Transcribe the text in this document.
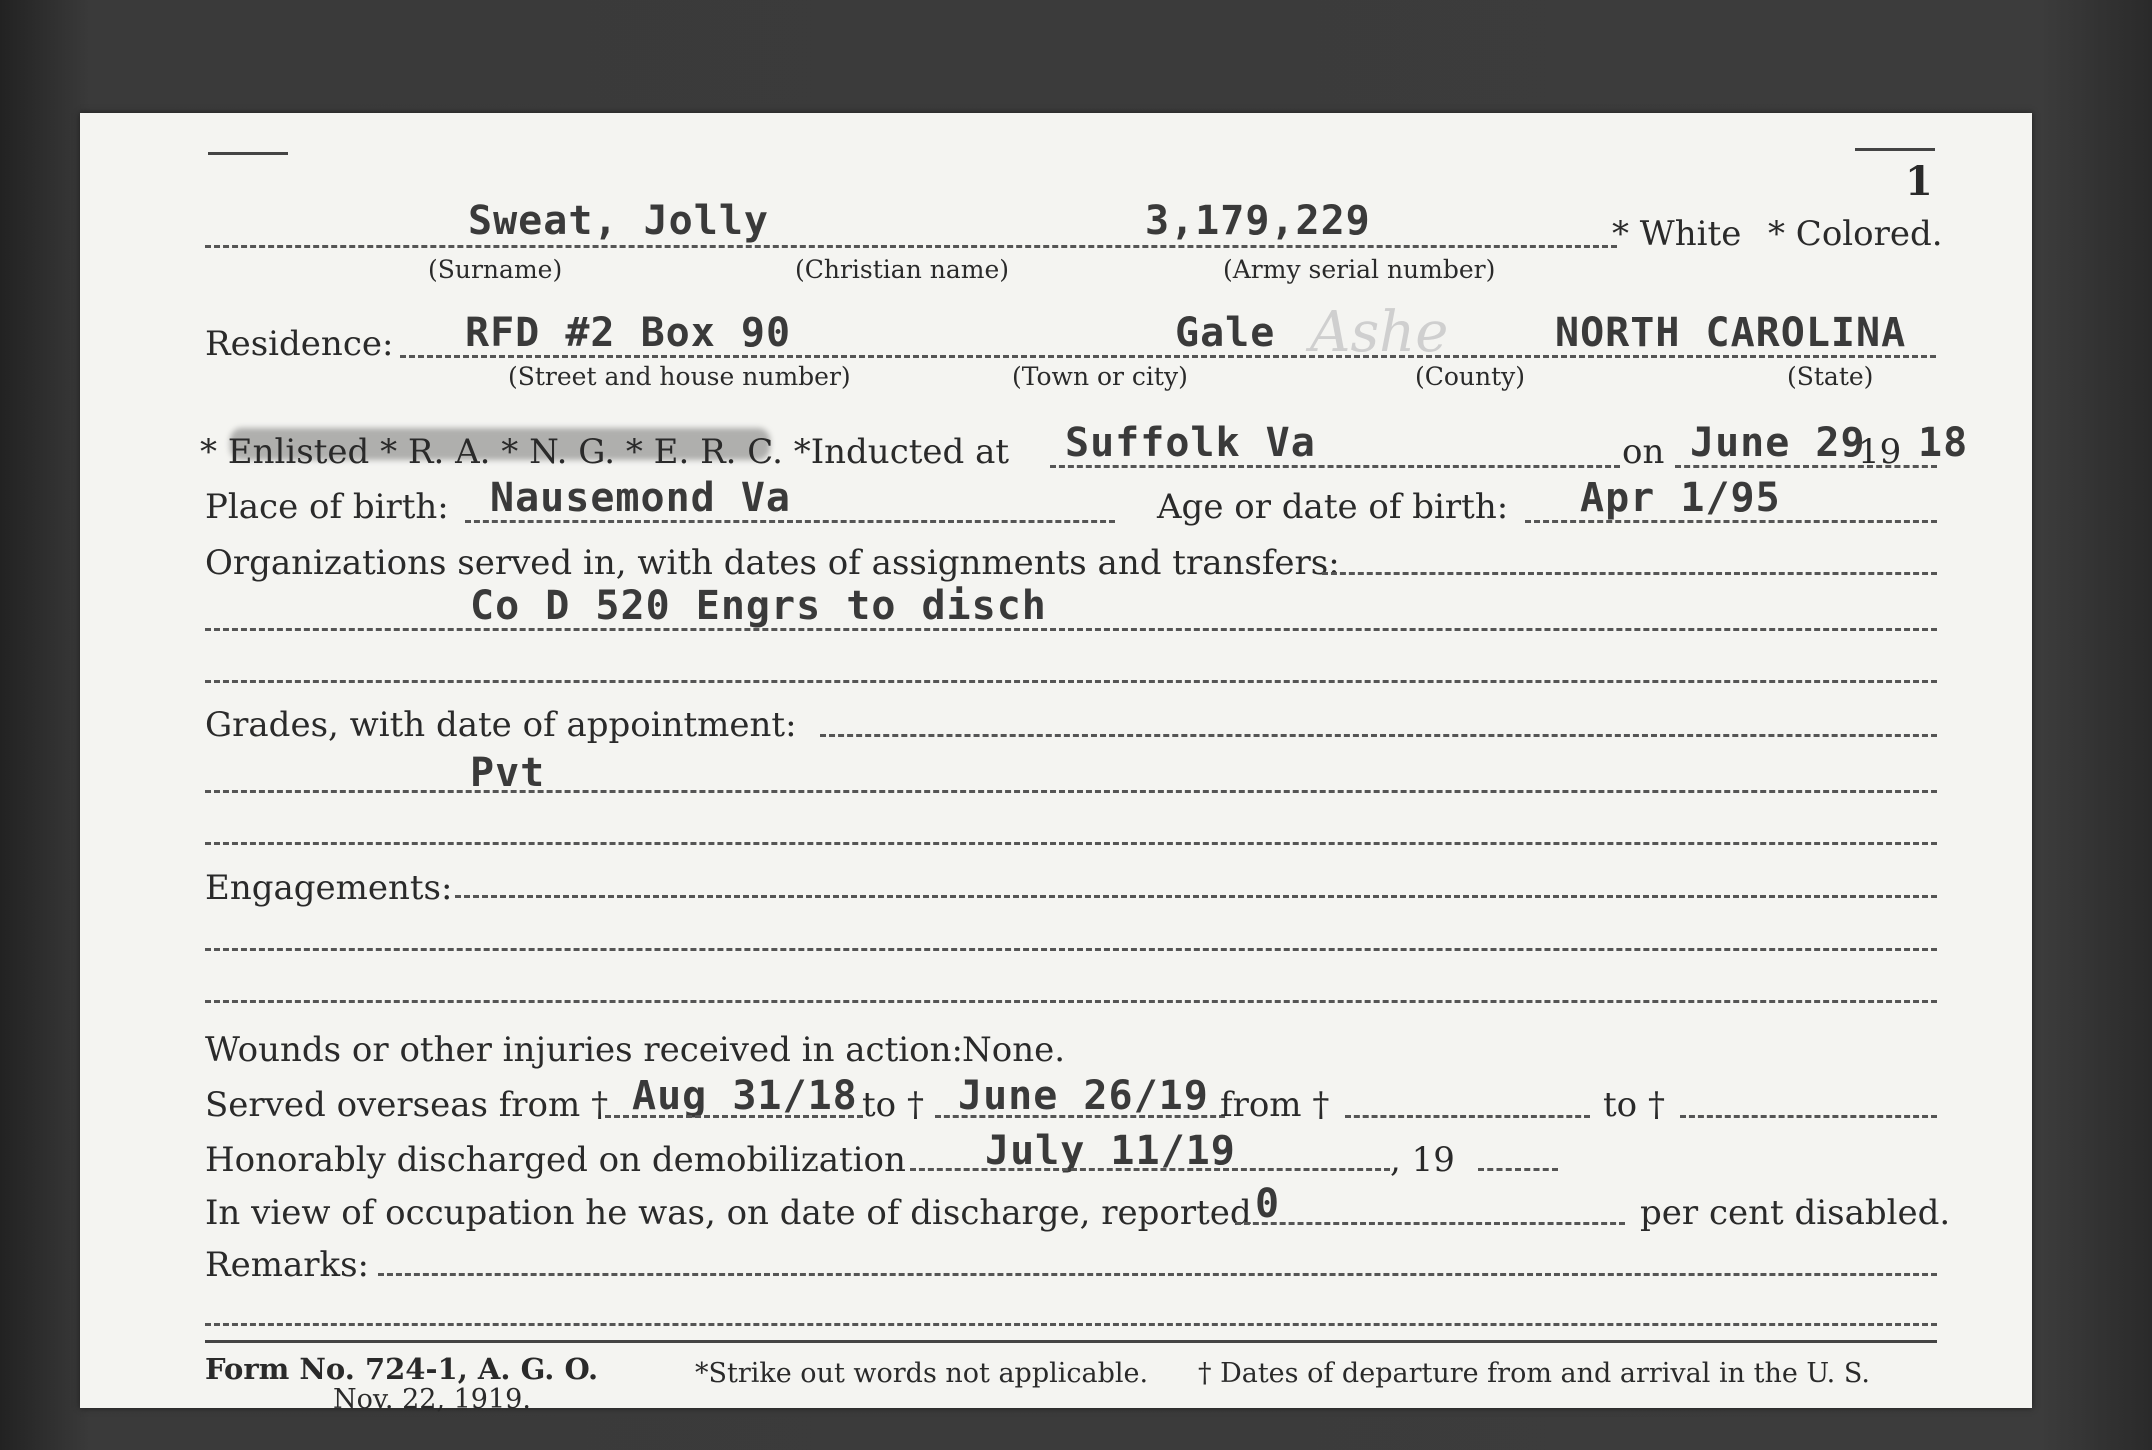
1
Sweat, Jolly	3,179,229	* White * Colored.
(Surname)	(Christian name)	(Army serial number)
Residence: RFD #2 Box 90	Gale Ashe	NORTH CAROLINA
(Street and house number)	(Town or city)	(County)	(State)
* Enlisted * R. A. * N. G. * E. R. C. *Inducted at Suffolk Va	on June 29
19 18
Place of birth: Nausemond Va	Age or date of birth: Apr 1/95
Organizations served in, with dates of assignments and transfers:
Co D 520 Engrs to disch
Grades, with date of appointment:
Pvt
Engagements:
Wounds or other injuries received in action: None.
Served overseas from † Aug 31/18 to † June 26/19 from †	to †
Honorably discharged on demobilization July 11/19	, 19
In view of occupation he was, on date of discharge, reported 0	per cent disabled.
Remarks:
Form No. 724-1, A. G. O.
Nov. 22, 1919.
*Strike out words not applicable. † Dates of departure from and arrival in the U. S.
